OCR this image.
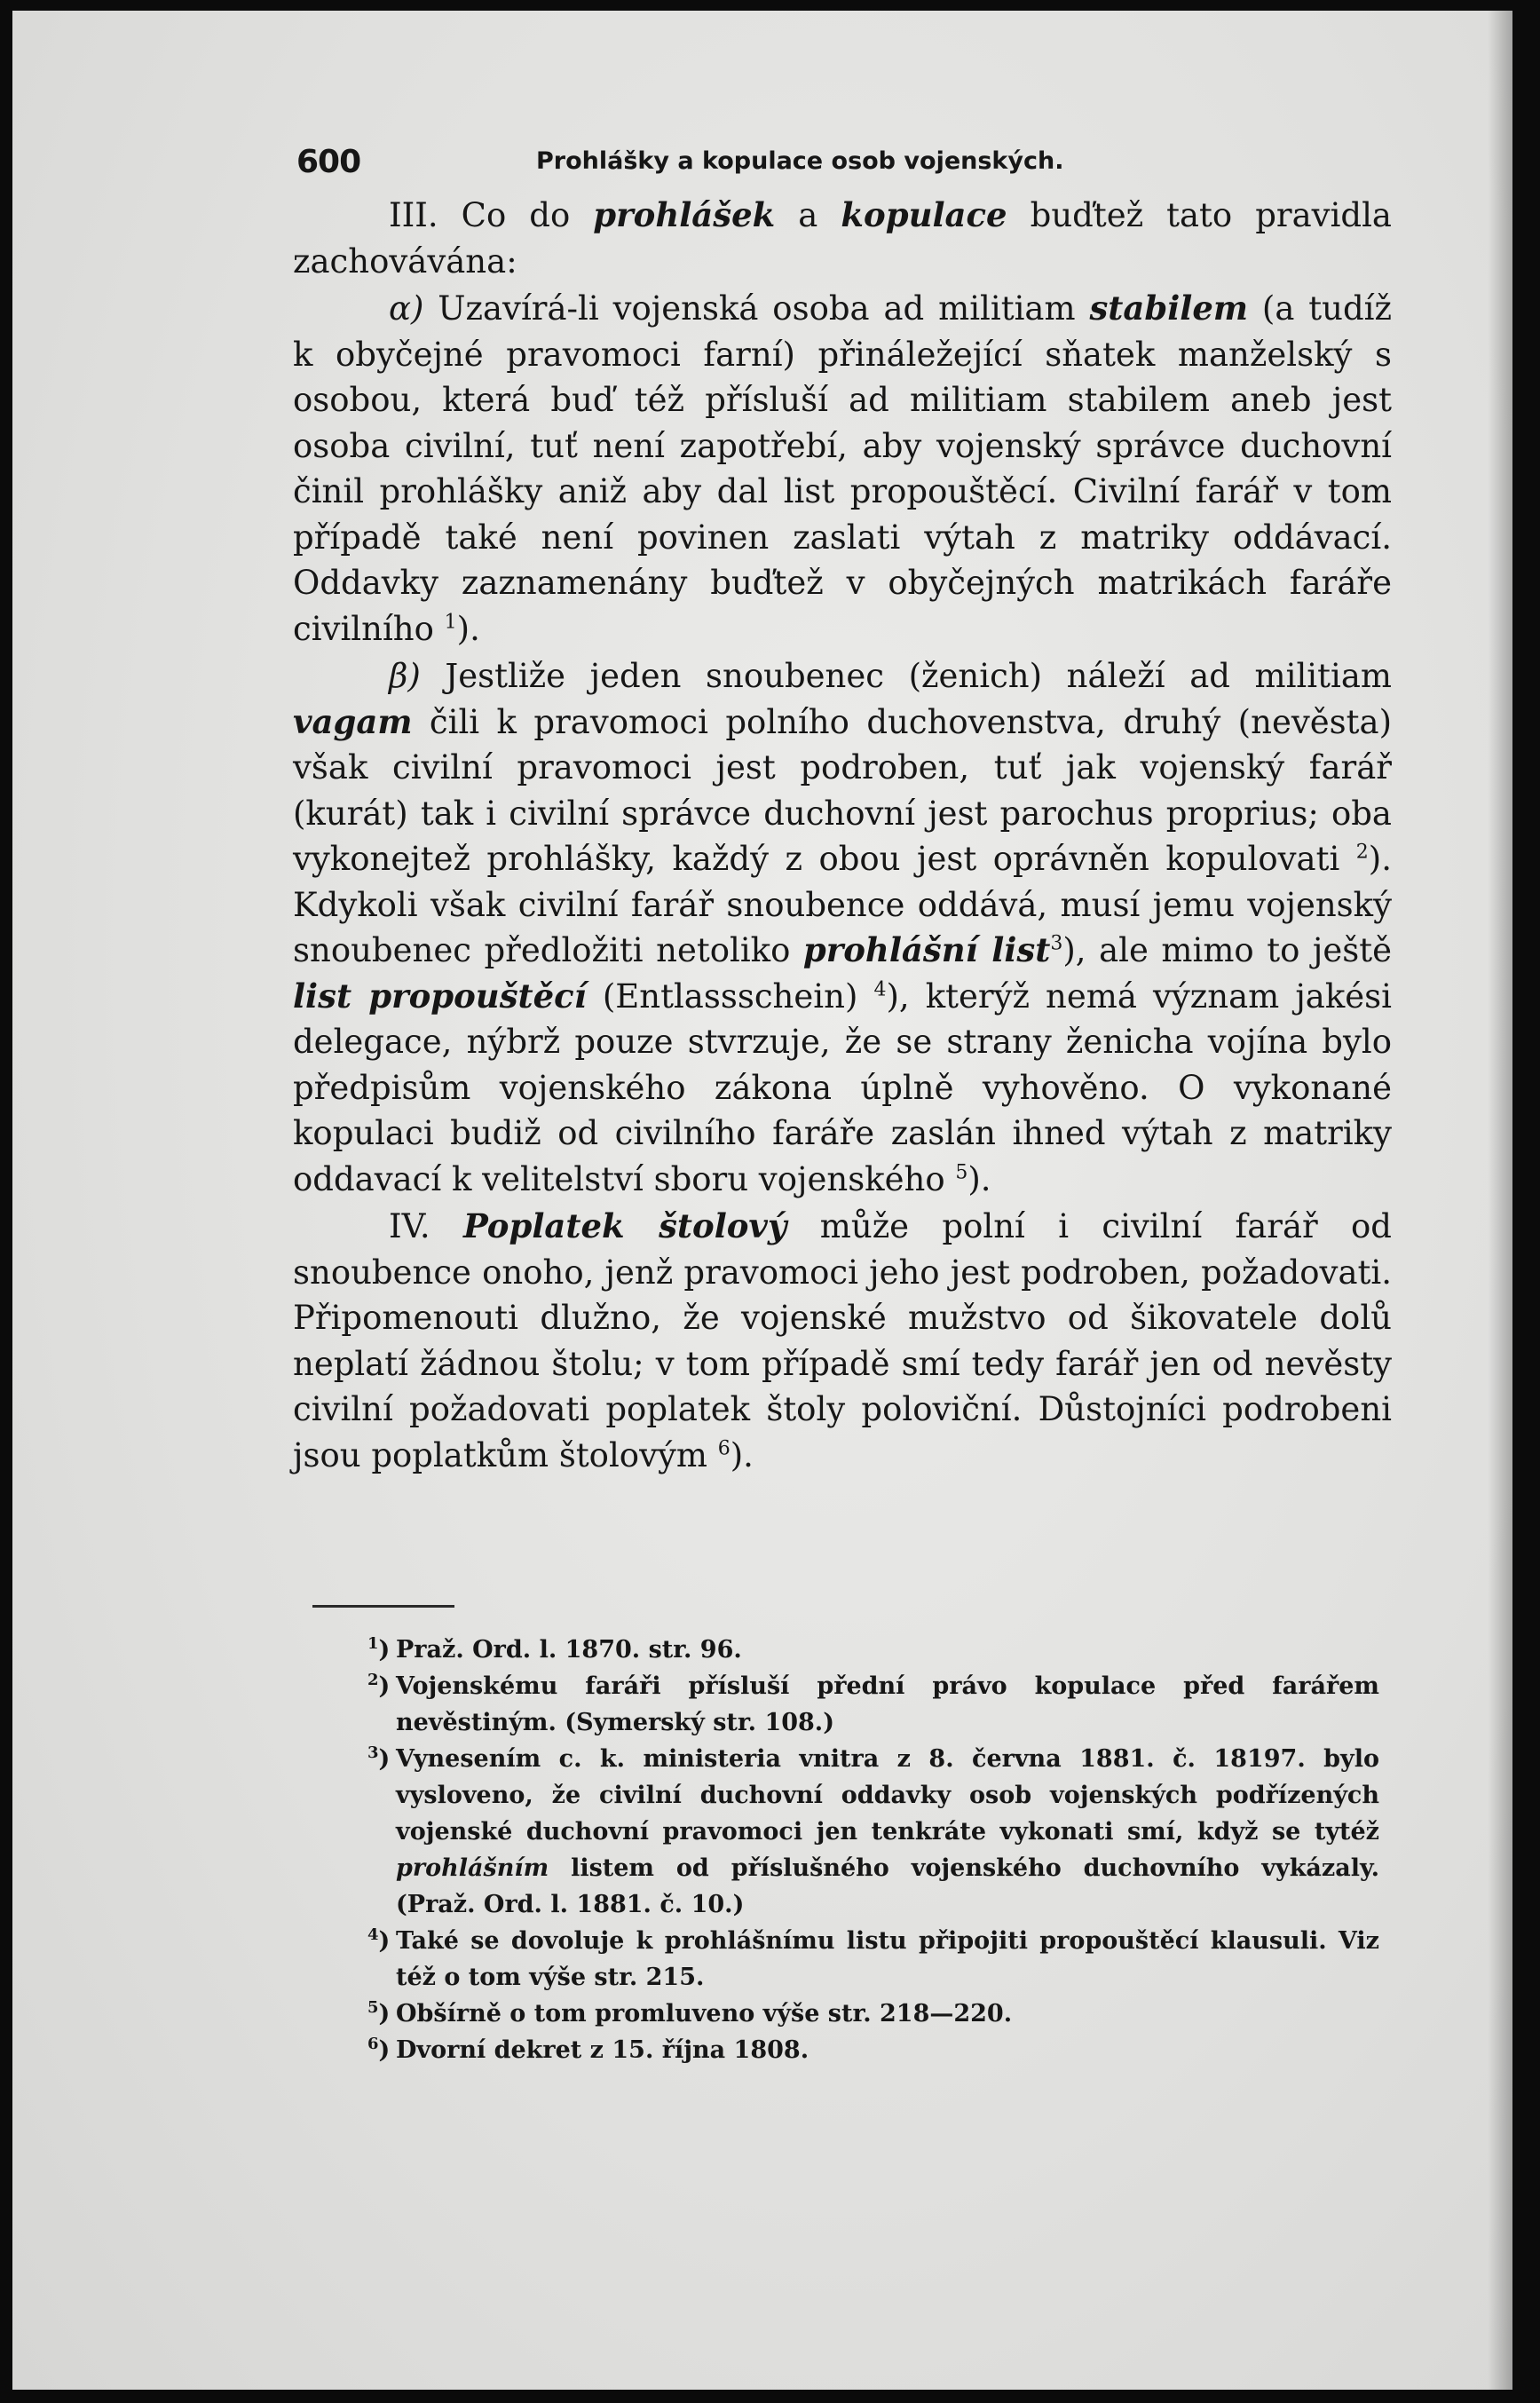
600	Prohlášky a kopulace osob vojenských.

III. Co do prohlášek a kopulace buďtež tato pravidla zachovávána:

α) Uzavírá-li vojenská osoba ad militiam stabilem (a tudíž k obyčejné pravomoci farní) přináležející sňatek manželský s osobou, která buď též přísluší ad militiam stabilem aneb jest osoba civilní, tuť není zapotřebí, aby vojenský správce duchovní činil prohlášky aniž aby dal list propouštěcí. Civilní farář v tom případě také není povinen zaslati výtah z matriky oddávací. Oddavky zaznamenány buďtež v obyčejných matrikách faráře civilního $^1$).

β) Jestliže jeden snoubenec (ženich) náleží ad militiam vagam čili k pravomoci polního duchovenstva, druhý (nevěsta) však civilní pravomoci jest podroben, tuť jak vojenský farář (kurát) tak i civilní správce duchovní jest parochus proprius; oba vykonejtež prohlášky, každý z obou jest oprávněn kopulovati $^2$). Kdykoli však civilní farář snoubence oddává, musí jemu vojenský snoubenec předložiti netoliko prohlášní list$^3$), ale mimo to ještě list propouštěcí (Entlassschein) $^4$), kterýž nemá význam jakési delegace, nýbrž pouze stvrzuje, že se strany ženicha vojína bylo předpisům vojenského zákona úplně vyhověno. O vykonané kopulaci budiž od civilního faráře zaslán ihned výtah z matriky oddavací k velitelství sboru vojenského $^5$).

IV. Poplatek štolový může polní i civilní farář od snoubence onoho, jenž pravomoci jeho jest podroben, požadovati. Připomenouti dlužno, že vojenské mužstvo od šikovatele dolů neplatí žádnou štolu; v tom případě smí tedy farář jen od nevěsty civilní požadovati poplatek štoly poloviční. Důstojníci podrobeni jsou poplatkům štolovým $^6$).

$^1$) Praž. Ord. l. 1870. str. 96.

$^2$) Vojenskému faráři přísluší přední právo kopulace před farářem nevěstiným. (Symerský str. 108.)

$^3$) Vynesením c. k. ministeria vnitra z 8. června 1881. č. 18197. bylo vysloveno, že civilní duchovní oddavky osob vojenských podřízených vojenské duchovní pravomoci jen tenkráte vykonati smí, když se tytéž prohlášním listem od příslušného vojenského duchovního vykázaly. (Praž. Ord. l. 1881. č. 10.)

$^4$) Také se dovoluje k prohlášnímu listu připojiti propouštěcí klausuli. Viz též o tom výše str. 215.

$^5$) Obšírně o tom promluveno výše str. 218—220.

$^6$) Dvorní dekret z 15. října 1808.
